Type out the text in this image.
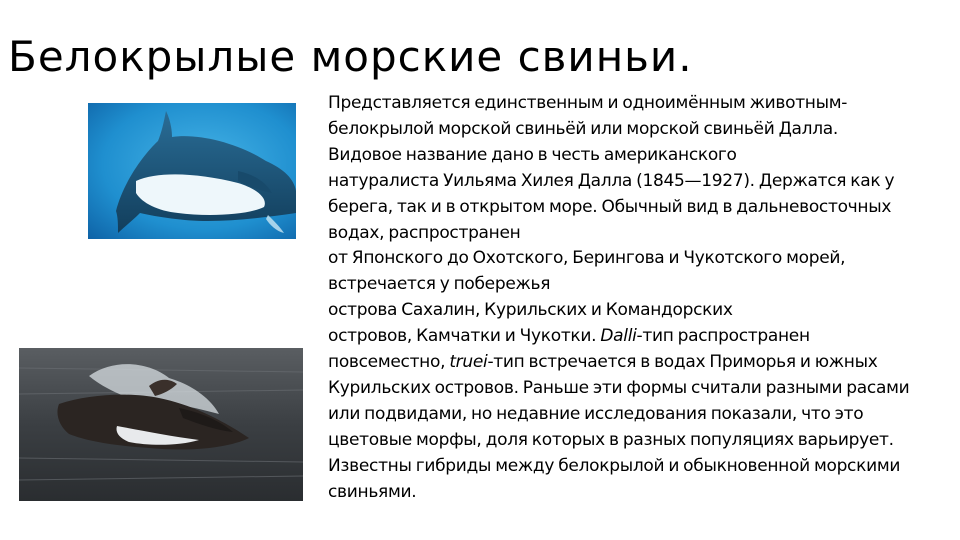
Белокрылые морские свиньи.
Представляется единственным и одноимённым животным-
белокрылой морской свиньёй или морской свиньёй Далла.
Видовое название дано в честь американского
натуралиста Уильяма Хилея Далла (1845—1927). Держатся как у
берега, так и в открытом море. Обычный вид в дальневосточных
водах, распространен
от Японского до Охотского, Берингова и Чукотского морей,
встречается у побережья
острова Сахалин, Курильских и Командорских
островов, Камчатки и Чукотки. Dalli-тип распространен
повсеместно, truei-тип встречается в водах Приморья и южных
Курильских островов. Раньше эти формы считали разными расами
или подвидами, но недавние исследования показали, что это
цветовые морфы, доля которых в разных популяциях варьирует.
Известны гибриды между белокрылой и обыкновенной морскими
свиньями.
